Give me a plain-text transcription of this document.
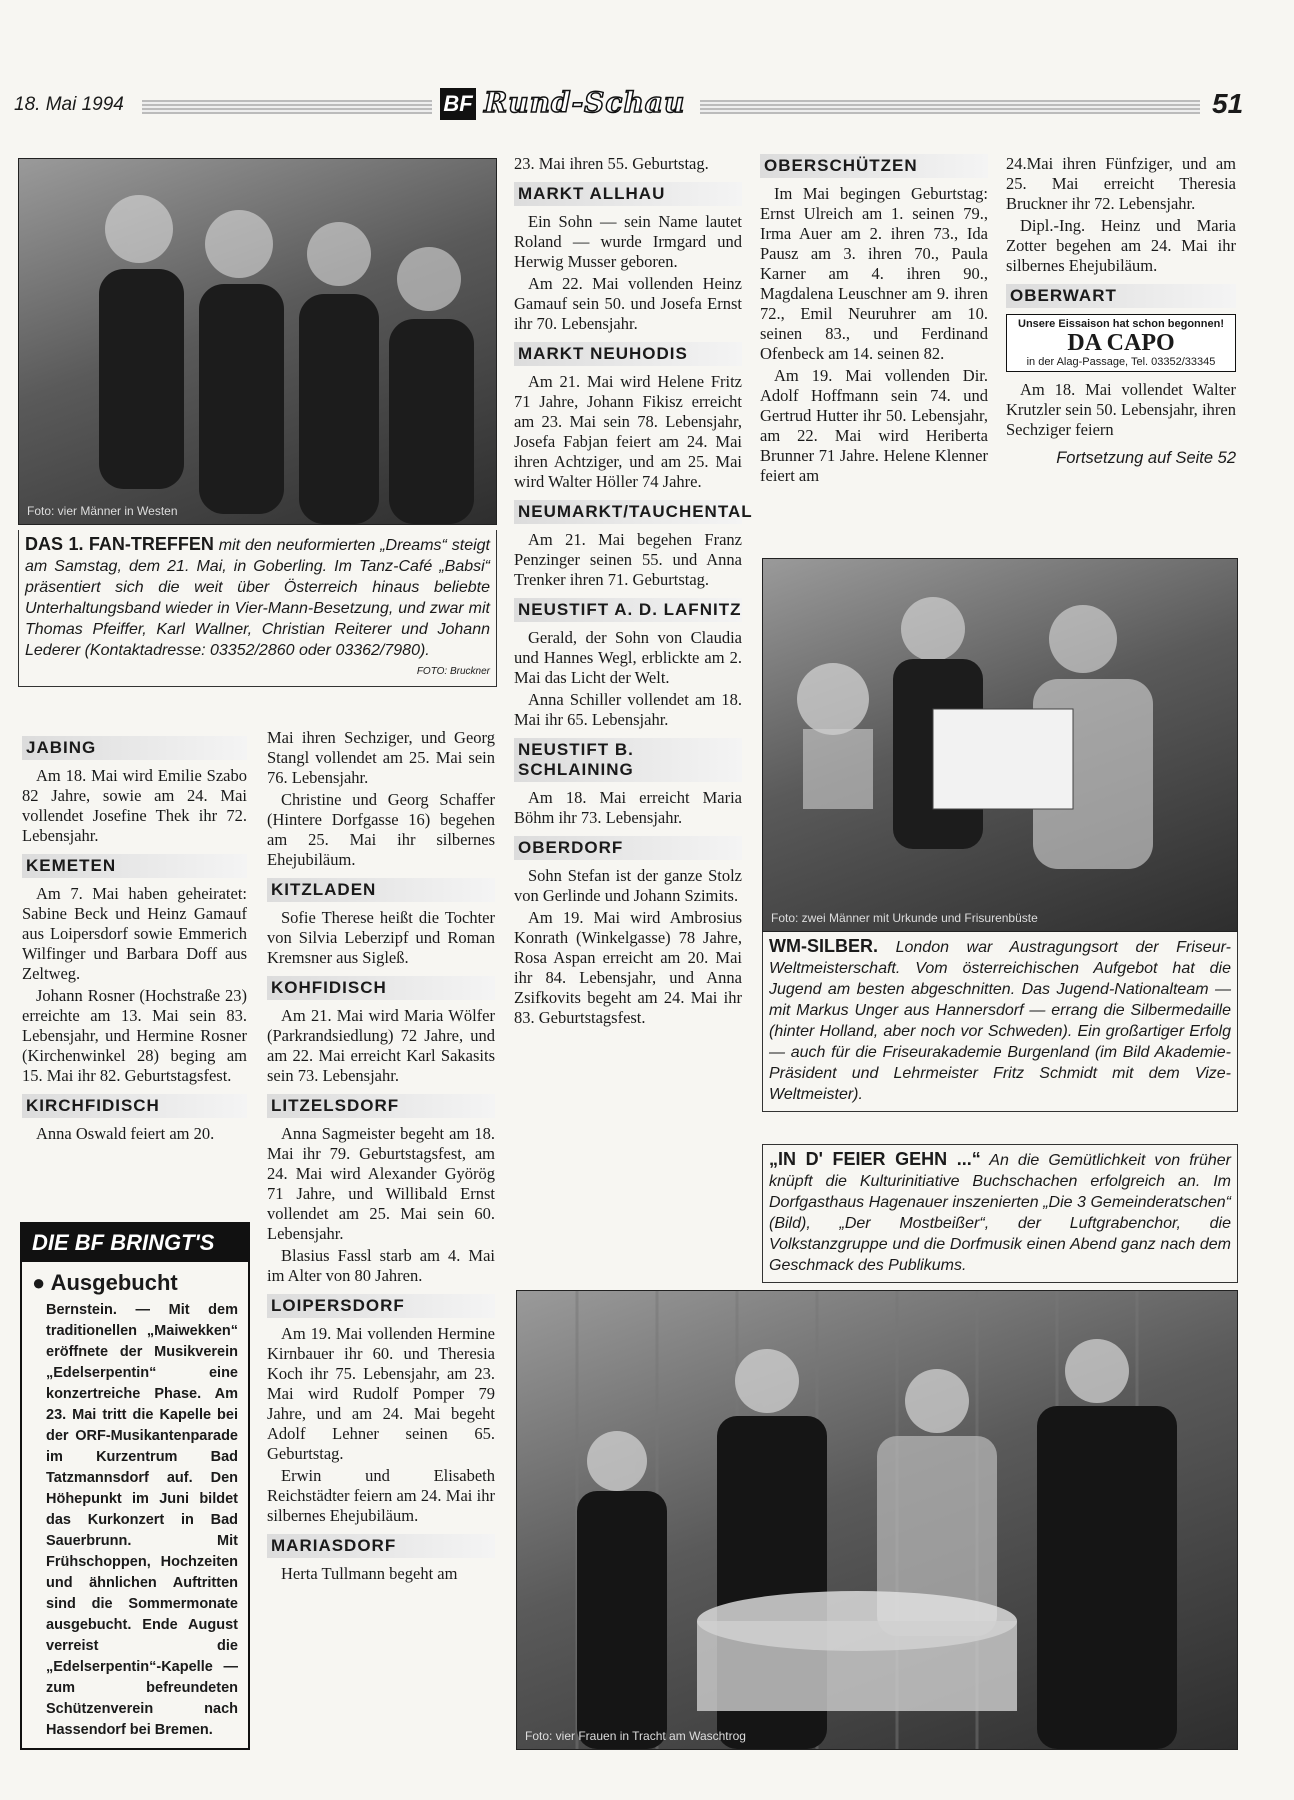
18. Mai 1994	BF Rund-Schau	51
Foto: vier Männer in Westen
DAS 1. FAN-TREFFEN mit den neuformierten „Dreams“ steigt am Samstag, dem 21. Mai, in Goberling. Im Tanz-Café „Babsi“ präsentiert sich die weit über Österreich hinaus beliebte Unterhaltungsband wieder in Vier-Mann-Besetzung, und zwar mit Thomas Pfeiffer, Karl Wallner, Christian Reiterer und Johann Lederer (Kontaktadresse: 03352/2860 oder 03362/7980).
FOTO: Bruckner
JABING

Am 18. Mai wird Emilie Szabo 82 Jahre, sowie am 24. Mai vollendet Josefine Thek ihr 72. Lebensjahr.

KEMETEN

Am 7. Mai haben geheiratet: Sabine Beck und Heinz Gamauf aus Loipersdorf sowie Emmerich Wilfinger und Barbara Doff aus Zeltweg.

Johann Rosner (Hochstraße 23) erreichte am 13. Mai sein 83. Lebensjahr, und Hermine Rosner (Kirchenwinkel 28) beging am 15. Mai ihr 82. Geburtstagsfest.

KIRCHFIDISCH

Anna Oswald feiert am 20.

DIE BF BRINGT'S
● Ausgebucht

Bernstein. — Mit dem traditionellen „Maiwekken“ eröffnete der Musikverein „Edelserpentin“ eine konzertreiche Phase. Am 23. Mai tritt die Kapelle bei der ORF-Musikantenparade im Kurzentrum Bad Tatzmannsdorf auf. Den Höhepunkt im Juni bildet das Kurkonzert in Bad Sauerbrunn. Mit Frühschoppen, Hochzeiten und ähnlichen Auftritten sind die Sommermonate ausgebucht. Ende August verreist die „Edelserpentin“-Kapelle — zum befreundeten Schützenverein nach Hassendorf bei Bremen.

Mai ihren Sechziger, und Georg Stangl vollendet am 25. Mai sein 76. Lebensjahr.

Christine und Georg Schaffer (Hintere Dorfgasse 16) begehen am 25. Mai ihr silbernes Ehejubiläum.

KITZLADEN

Sofie Therese heißt die Tochter von Silvia Leberzipf und Roman Kremsner aus Sigleß.

KOHFIDISCH

Am 21. Mai wird Maria Wölfer (Parkrandsiedlung) 72 Jahre, und am 22. Mai erreicht Karl Sakasits sein 73. Lebensjahr.

LITZELSDORF

Anna Sagmeister begeht am 18. Mai ihr 79. Geburtstagsfest, am 24. Mai wird Alexander Györög 71 Jahre, und Willibald Ernst vollendet am 25. Mai sein 60. Lebensjahr.

Blasius Fassl starb am 4. Mai im Alter von 80 Jahren.

LOIPERSDORF

Am 19. Mai vollenden Hermine Kirnbauer ihr 60. und Theresia Koch ihr 75. Lebensjahr, am 23. Mai wird Rudolf Pomper 79 Jahre, und am 24. Mai begeht Adolf Lehner seinen 65. Geburtstag.

Erwin und Elisabeth Reichstädter feiern am 24. Mai ihr silbernes Ehejubiläum.

MARIASDORF

Herta Tullmann begeht am

23. Mai ihren 55. Geburtstag.

MARKT ALLHAU

Ein Sohn — sein Name lautet Roland — wurde Irmgard und Herwig Musser geboren.

Am 22. Mai vollenden Heinz Gamauf sein 50. und Josefa Ernst ihr 70. Lebensjahr.

MARKT NEUHODIS

Am 21. Mai wird Helene Fritz 71 Jahre, Johann Fikisz erreicht am 23. Mai sein 78. Lebensjahr, Josefa Fabjan feiert am 24. Mai ihren Achtziger, und am 25. Mai wird Walter Höller 74 Jahre.

NEUMARKT/TAUCHENTAL

Am 21. Mai begehen Franz Penzinger seinen 55. und Anna Trenker ihren 71. Geburtstag.

NEUSTIFT A. D. LAFNITZ

Gerald, der Sohn von Claudia und Hannes Wegl, erblickte am 2. Mai das Licht der Welt.

Anna Schiller vollendet am 18. Mai ihr 65. Lebensjahr.

NEUSTIFT B. SCHLAINING

Am 18. Mai erreicht Maria Böhm ihr 73. Lebensjahr.

OBERDORF

Sohn Stefan ist der ganze Stolz von Gerlinde und Johann Szimits.

Am 19. Mai wird Ambrosius Konrath (Winkelgasse) 78 Jahre, Rosa Aspan erreicht am 20. Mai ihr 84. Lebensjahr, und Anna Zsifkovits begeht am 24. Mai ihr 83. Geburtstagsfest.

OBERSCHÜTZEN

Im Mai begingen Geburtstag: Ernst Ulreich am 1. seinen 79., Irma Auer am 2. ihren 73., Ida Pausz am 3. ihren 70., Paula Karner am 4. ihren 90., Magdalena Leuschner am 9. ihren 72., Emil Neuruhrer am 10. seinen 83., und Ferdinand Ofenbeck am 14. seinen 82.

Am 19. Mai vollenden Dir. Adolf Hoffmann sein 74. und Gertrud Hutter ihr 50. Lebensjahr, am 22. Mai wird Heriberta Brunner 71 Jahre. Helene Klenner feiert am

24.Mai ihren Fünfziger, und am 25. Mai erreicht Theresia Bruckner ihr 72. Lebensjahr.

Dipl.-Ing. Heinz und Maria Zotter begehen am 24. Mai ihr silbernes Ehejubiläum.

OBERWART
Unsere Eissaison hat schon begonnen!
DA CAPO
in der Alag-Passage, Tel. 03352/33345

Am 18. Mai vollendet Walter Krutzler sein 50. Lebensjahr, ihren Sechziger feiern

Fortsetzung auf Seite 52

Foto: zwei Männer mit Urkunde und Frisurenbüste
WM-SILBER. London war Austragungsort der Friseur-Weltmeisterschaft. Vom österreichischen Aufgebot hat die Jugend am besten abgeschnitten. Das Jugend-Nationalteam — mit Markus Unger aus Hannersdorf — errang die Silbermedaille (hinter Holland, aber noch vor Schweden). Ein großartiger Erfolg — auch für die Friseurakademie Burgenland (im Bild Akademie-Präsident und Lehrmeister Fritz Schmidt mit dem Vize-Weltmeister).
„IN D' FEIER GEHN ...“ An die Gemütlichkeit von früher knüpft die Kulturinitiative Buchschachen erfolgreich an. Im Dorfgasthaus Hagenauer inszenierten „Die 3 Gemeinderatschen“ (Bild), „Der Mostbeißer“, der Luftgrabenchor, die Volkstanzgruppe und die Dorfmusik einen Abend ganz nach dem Geschmack des Publikums.
Foto: vier Frauen in Tracht am Waschtrog
